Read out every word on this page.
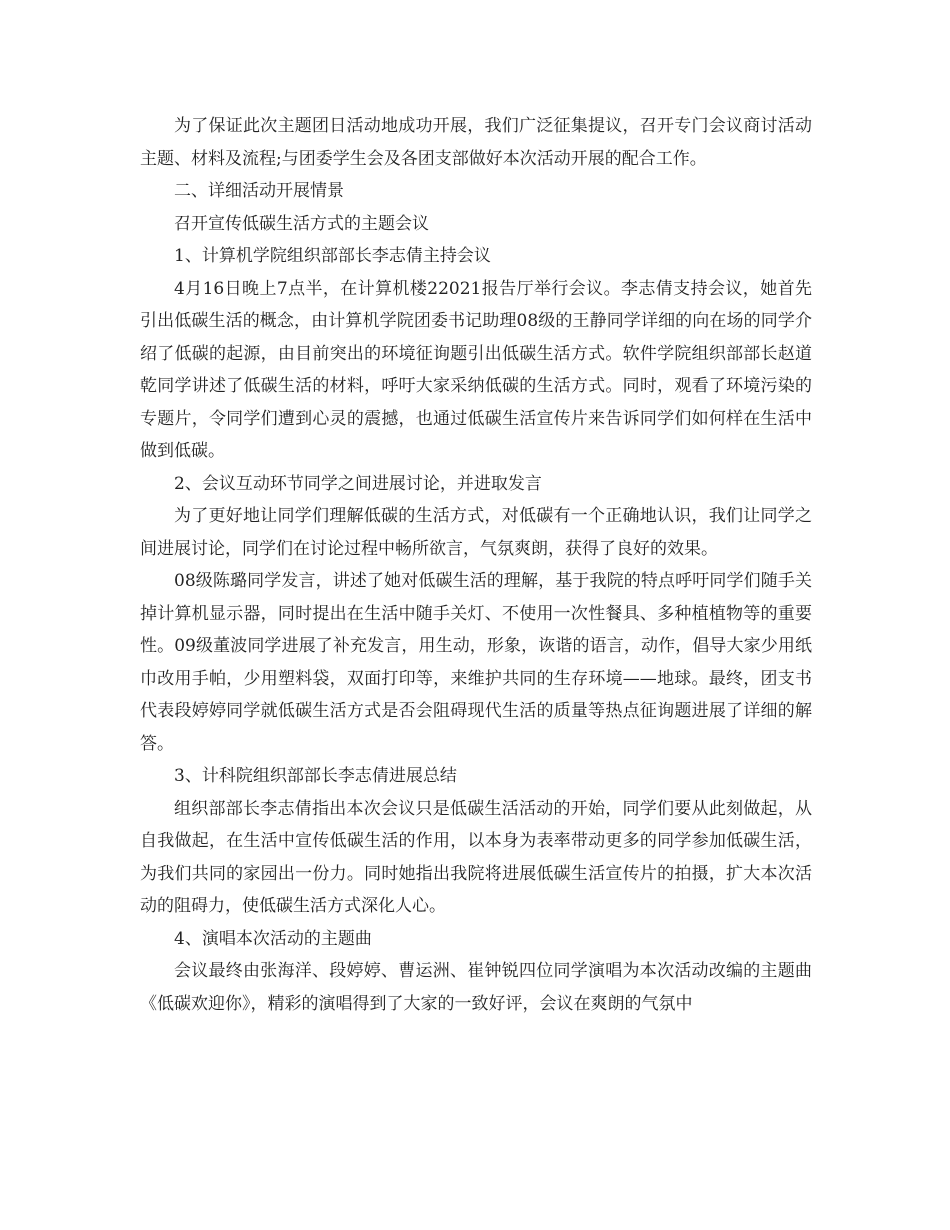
为了保证此次主题团日活动地成功开展，我们广泛征集提议，召开专门会议商讨活动主题、材料及流程;与团委学生会及各团支部做好本次活动开展的配合工作。

二、详细活动开展情景

召开宣传低碳生活方式的主题会议

1、计算机学院组织部部长李志倩主持会议

4月16日晚上7点半，在计算机楼22021报告厅举行会议。李志倩支持会议，她首先引出低碳生活的概念，由计算机学院团委书记助理08级的王静同学详细的向在场的同学介绍了低碳的起源，由目前突出的环境征询题引出低碳生活方式。软件学院组织部部长赵道乾同学讲述了低碳生活的材料，呼吁大家采纳低碳的生活方式。同时，观看了环境污染的专题片，令同学们遭到心灵的震撼，也通过低碳生活宣传片来告诉同学们如何样在生活中做到低碳。

2、会议互动环节同学之间进展讨论，并进取发言

为了更好地让同学们理解低碳的生活方式，对低碳有一个正确地认识，我们让同学之间进展讨论，同学们在讨论过程中畅所欲言，气氛爽朗，获得了良好的效果。

08级陈璐同学发言，讲述了她对低碳生活的理解，基于我院的特点呼吁同学们随手关掉计算机显示器，同时提出在生活中随手关灯、不使用一次性餐具、多种植植物等的重要性。09级董波同学进展了补充发言，用生动，形象，诙谐的语言，动作，倡导大家少用纸巾改用手帕，少用塑料袋，双面打印等，来维护共同的生存环境——地球。最终，团支书代表段婷婷同学就低碳生活方式是否会阻碍现代生活的质量等热点征询题进展了详细的解答。

3、计科院组织部部长李志倩进展总结

组织部部长李志倩指出本次会议只是低碳生活活动的开始，同学们要从此刻做起，从自我做起，在生活中宣传低碳生活的作用，以本身为表率带动更多的同学参加低碳生活，为我们共同的家园出一份力。同时她指出我院将进展低碳生活宣传片的拍摄，扩大本次活动的阻碍力，使低碳生活方式深化人心。

4、演唱本次活动的主题曲

会议最终由张海洋、段婷婷、曹运洲、崔钟锐四位同学演唱为本次活动改编的主题曲《低碳欢迎你》，精彩的演唱得到了大家的一致好评，会议在爽朗的气氛中
